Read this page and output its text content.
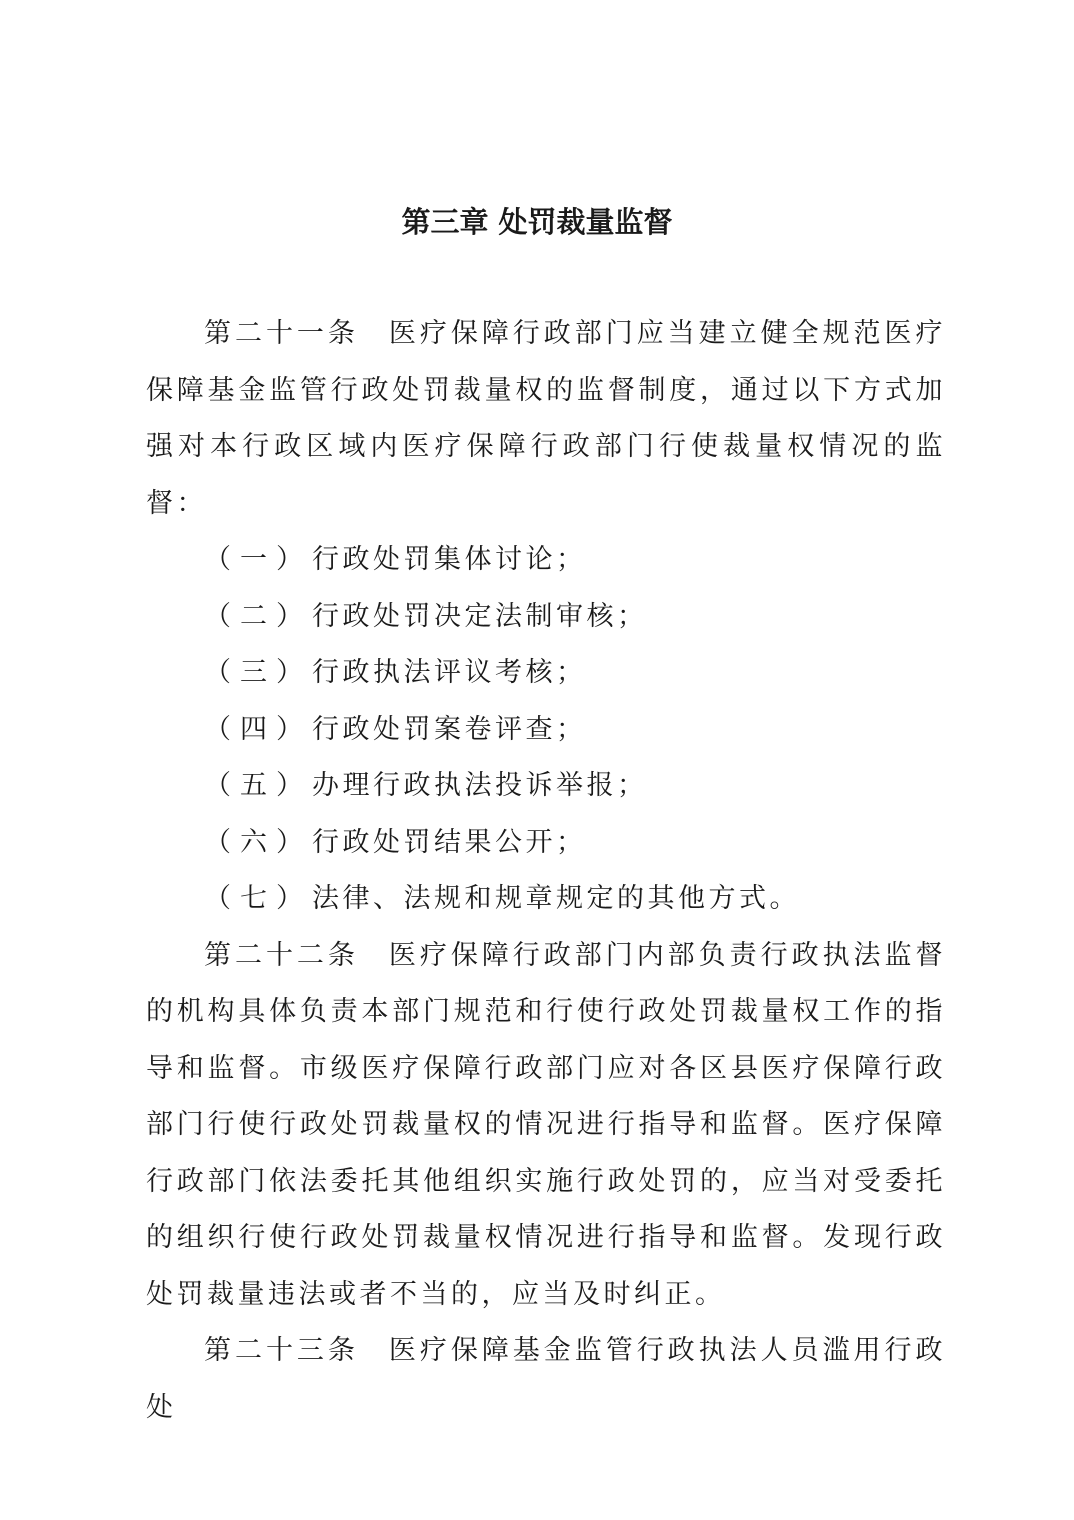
第三章 处罚裁量监督

第二十一条 医疗保障行政部门应当建立健全规范医疗保障基金监管行政处罚裁量权的监督制度，通过以下方式加强对本行政区域内医疗保障行政部门行使裁量权情况的监督：

（一）行政处罚集体讨论；

（二）行政处罚决定法制审核；

（三）行政执法评议考核；

（四）行政处罚案卷评查；

（五）办理行政执法投诉举报；

（六）行政处罚结果公开；

（七）法律、法规和规章规定的其他方式。

第二十二条 医疗保障行政部门内部负责行政执法监督的机构具体负责本部门规范和行使行政处罚裁量权工作的指导和监督。市级医疗保障行政部门应对各区县医疗保障行政部门行使行政处罚裁量权的情况进行指导和监督。医疗保障行政部门依法委托其他组织实施行政处罚的，应当对受委托的组织行使行政处罚裁量权情况进行指导和监督。发现行政处罚裁量违法或者不当的，应当及时纠正。

第二十三条 医疗保障基金监管行政执法人员滥用行政处
